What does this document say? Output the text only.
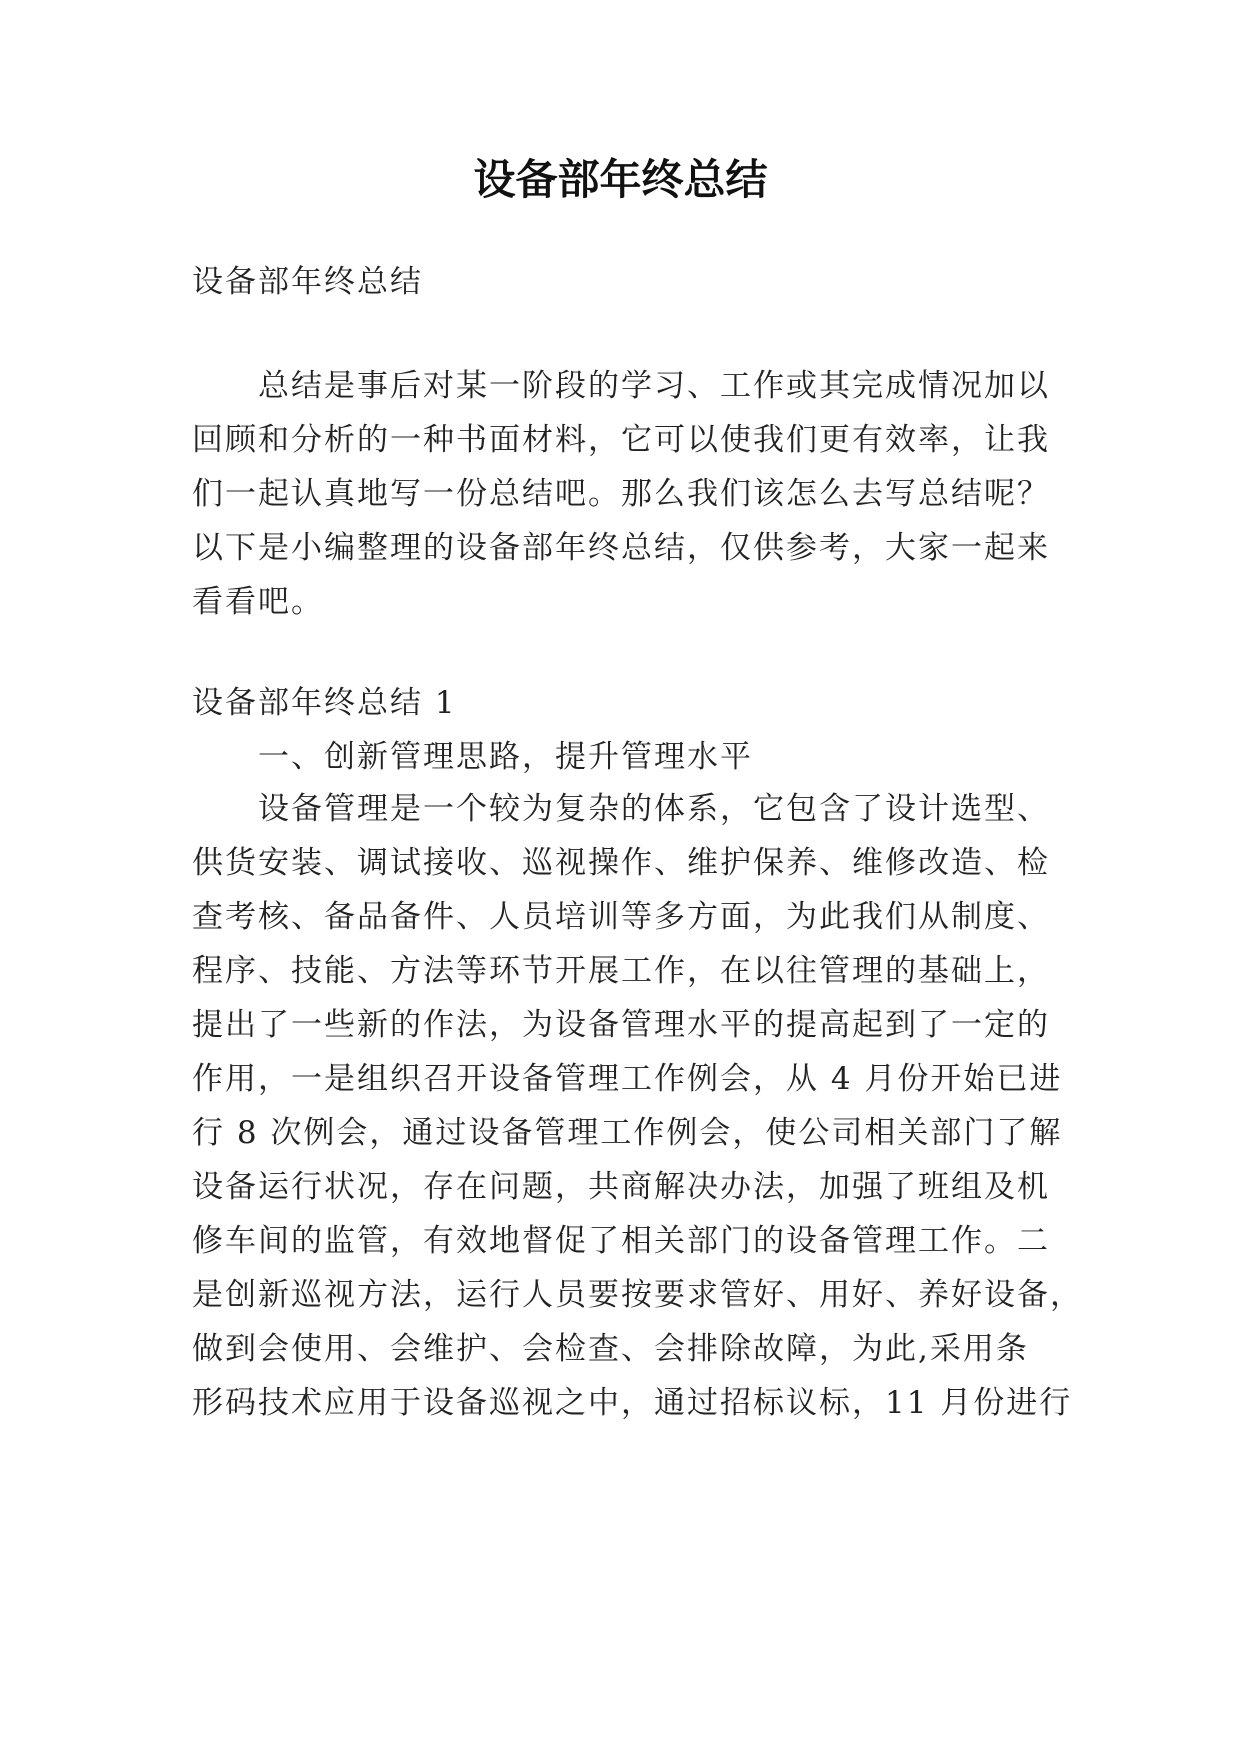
设备部年终总结

设备部年终总结

总结是事后对某一阶段的学习、工作或其完成情况加以

回顾和分析的一种书面材料，它可以使我们更有效率，让我

们一起认真地写一份总结吧。那么我们该怎么去写总结呢？

以下是小编整理的设备部年终总结，仅供参考，大家一起来

看看吧。

设备部年终总结 1

一、创新管理思路，提升管理水平

设备管理是一个较为复杂的体系，它包含了设计选型、

供货安装、调试接收、巡视操作、维护保养、维修改造、检

查考核、备品备件、人员培训等多方面，为此我们从制度、

程序、技能、方法等环节开展工作，在以往管理的基础上，

提出了一些新的作法，为设备管理水平的提高起到了一定的

作用，一是组织召开设备管理工作例会，从 4 月份开始已进

行 8 次例会，通过设备管理工作例会，使公司相关部门了解

设备运行状况，存在问题，共商解决办法，加强了班组及机

修车间的监管，有效地督促了相关部门的设备管理工作。二

是创新巡视方法，运行人员要按要求管好、用好、养好设备，

做到会使用、会维护、会检查、会排除故障，为此,采用条

形码技术应用于设备巡视之中，通过招标议标，11 月份进行
